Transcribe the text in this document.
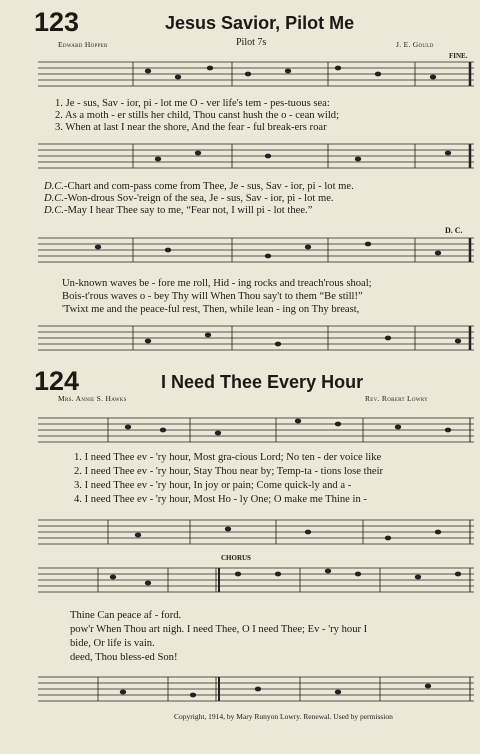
123	Jesus Savior, Pilot Me
Edward Hopper	Pilot 7s	J. E. Gould
FINE.
1. Je - sus, Sav - ior, pi - lot me O - ver life's tem - pes-tuous sea:
2. As a moth - er stills her child, Thou canst hush the o - cean wild;
3. When at last I near the shore, And the fear - ful break-ers roar
D.C.-Chart and com-pass come from Thee, Je - sus, Sav - ior, pi - lot me.
D.C.-Won-drous Sov-'reign of the sea, Je - sus, Sav - ior, pi - lot me.
D.C.-May I hear Thee say to me, “Fear not, I will pi - lot thee.”
D. C.
Un-known waves be - fore me roll, Hid - ing rocks and treach'rous shoal;
Bois-t'rous waves o - bey Thy will When Thou say't to them “Be still!”
'Twixt me and the peace-ful rest, Then, while lean - ing on Thy breast,
124	I Need Thee Every Hour
Mrs. Annie S. Hawks	Rev. Robert Lowry
1. I need Thee ev - 'ry hour, Most gra-cious Lord; No ten - der voice like
2. I need Thee ev - 'ry hour, Stay Thou near by; Temp-ta - tions lose their
3. I need Thee ev - 'ry hour, In joy or pain; Come quick-ly and a -
4. I need Thee ev - 'ry hour, Most Ho - ly One; O make me Thine in -
CHORUS
Thine Can peace af - ford.
pow'r When Thou art nigh. I need Thee, O I need Thee; Ev - 'ry hour I
bide, Or life is vain.
deed, Thou bless-ed Son!
Copyright, 1914, by Mary Runyon Lowry. Renewal. Used by permission
